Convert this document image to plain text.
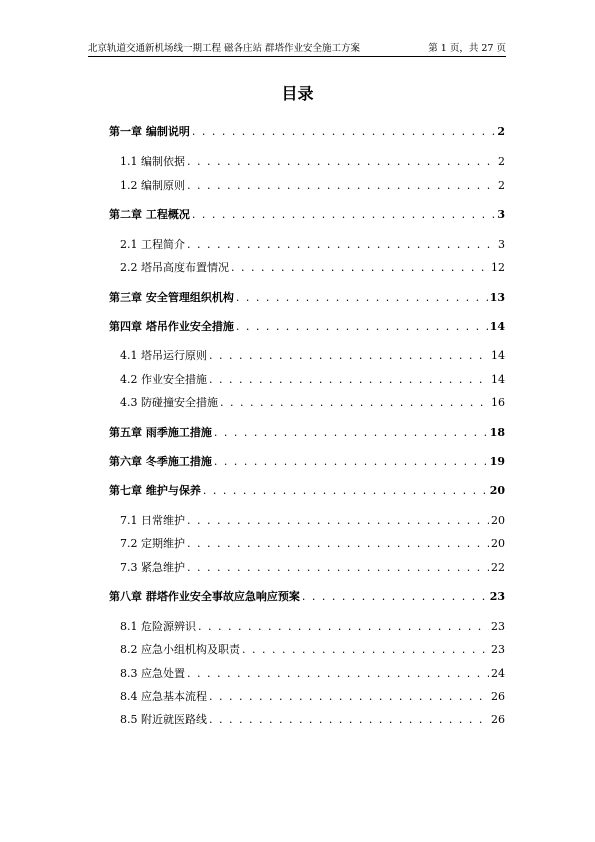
北京轨道交通新机场线一期工程 磁各庄站 群塔作业安全施工方案	第 1 页，共 27 页
目录
第一章 编制说明 . . .	2
1.1 编制依据 . . .	2
1.2 编制原则 . . .	2
第二章 工程概况 . . .	3
2.1 工程简介 . . .	3
2.2 塔吊高度布置情况 . . .	12
第三章 安全管理组织机构 . . .	13
第四章 塔吊作业安全措施 . . .	14
4.1 塔吊运行原则 . . .	14
4.2 作业安全措施 . . .	14
4.3 防碰撞安全措施 . . .	16
第五章 雨季施工措施 . . .	18
第六章 冬季施工措施 . . .	19
第七章 维护与保养 . . .	20
7.1 日常维护 . . .	20
7.2 定期维护 . . .	20
7.3 紧急维护 . . .	22
第八章 群塔作业安全事故应急响应预案 . . .	23
8.1 危险源辨识 . . .	23
8.2 应急小组机构及职责 . . .	23
8.3 应急处置 . . .	24
8.4 应急基本流程 . . .	26
8.5 附近就医路线 . . .	26
